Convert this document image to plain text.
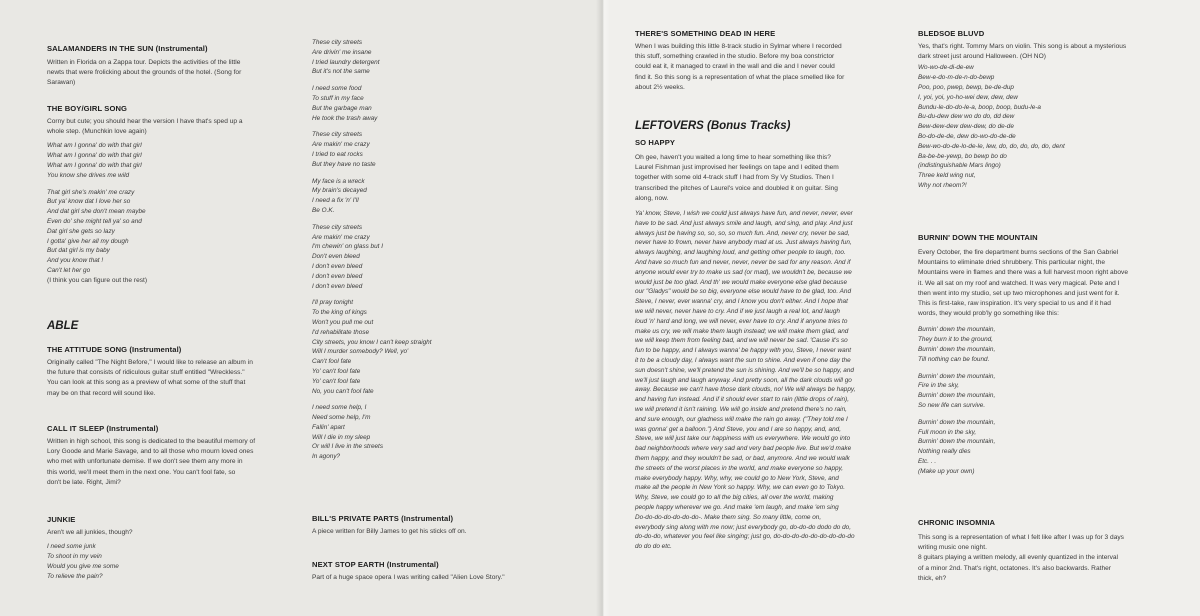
SALAMANDERS IN THE SUN (Instrumental)

Written in Florida on a Zappa tour. Depicts the activities of the little

newts that were frolicking about the grounds of the hotel. (Song for

Sarawan)

THE BOY/GIRL SONG

Corny but cute; you should hear the version I have that's sped up a

whole step. (Munchkin love again)

What am I gonna' do with that girl

What am I gonna' do with that girl

What am I gonna' do with that girl

You know she drives me wild

That girl she's makin' me crazy

But ya' know dat I love her so

And dat girl she don't mean maybe

Even do' she might tell ya' so and

Dat girl she gets so lazy

I gotta' give her all my dough

But dat girl is my baby

And you know that !

Can't let her go

(I think you can figure out the rest)

ABLE

THE ATTITUDE SONG (Instrumental)

Originally called "The Night Before," I would like to release an album in

the future that consists of ridiculous guitar stuff entitled "Wreckless."

You can look at this song as a preview of what some of the stuff that

may be on that record will sound like.

CALL IT SLEEP (Instrumental)

Written in high school, this song is dedicated to the beautiful memory of

Lory Goode and Marie Savage, and to all those who mourn loved ones

who met with unfortunate demise. If we don't see them any more in

this world, we'll meet them in the next one. You can't fool fate, so

don't be late. Right, Jimi?

JUNKIE

Aren't we all junkies, though?

I need some junk

To shoot in my vein

Would you give me some

To relieve the pain?

These city streets

Are drivin' me insane

I tried laundry detergent

But it's not the same

I need some food

To stuff in my face

But the garbage man

He took the trash away

These city streets

Are makin' me crazy

I tried to eat rocks

But they have no taste

My face is a wreck

My brain's decayed

I need a fix 'n' I'll

Be O.K.

These city streets

Are makin' me crazy

I'm chewin' on glass but I

Don't even bleed

I don't even bleed

I don't even bleed

I don't even bleed

I'll pray tonight

To the king of kings

Won't you pull me out

I'd rehabilitate those

City streets, you know I can't keep straight

Will I murder somebody? Well, yo'

Can't fool fate

Yo' can't fool fate

Yo' can't fool fate

No, you can't fool fate

I need some help, I

Need some help, I'm

Fallin' apart

Will I die in my sleep

Or will I live in the streets

In agony?

BILL'S PRIVATE PARTS (Instrumental)

A piece written for Billy James to get his sticks off on.

NEXT STOP EARTH (Instrumental)

Part of a huge space opera I was writing called "Alien Love Story."

THERE'S SOMETHING DEAD IN HERE

When I was building this little 8-track studio in Sylmar where I recorded

this stuff, something crawled in the studio. Before my boa constrictor

could eat it, it managed to crawl in the wall and die and I never could

find it. So this song is a representation of what the place smelled like for

about 2½ weeks.

LEFTOVERS (Bonus Tracks)

SO HAPPY

Oh gee, haven't you waited a long time to hear something like this?

Laurel Fishman just improvised her feelings on tape and I edited them

together with some old 4-track stuff I had from Sy Vy Studios. Then I

transcribed the pitches of Laurel's voice and doubled it on guitar. Sing

along, now.

Ya' know, Steve, I wish we could just always have fun, and never, never, ever

have to be sad. And just always smile and laugh, and sing, and play. And just

always just be having so, so, so, so much fun. And, never cry, never be sad,

never have to frown, never have anybody mad at us. Just always having fun,

always laughing, and laughing loud, and getting other people to laugh, too.

And have so much fun and never, never, never be sad for any reason. And if

anyone would ever try to make us sad (or mad), we wouldn't be, because we

would just be too glad. And th' we would make everyone else glad because

our "Gladys" would be so big, everyone else would have to be glad, too. And

Steve, I never, ever wanna' cry, and I know you don't either. And I hope that

we will never, never have to cry. And if we just laugh a real lot, and laugh

loud 'n' hard and long, we will never, ever have to cry. And if anyone tries to

make us cry, we will make them laugh instead; we will make them glad, and

we will keep them from feeling bad, and we will never be sad. 'Cause it's so

fun to be happy, and I always wanna' be happy with you, Steve, I never want

it to be a cloudy day, I always want the sun to shine. And even if one day the

sun doesn't shine, we'll pretend the sun is shining. And we'll be so happy, and

we'll just laugh and laugh anyway. And pretty soon, all the dark clouds will go

away. Because we can't have those dark clouds, no! We will always be happy,

and having fun instead. And if it should ever start to rain (little drops of rain),

we will pretend it isn't raining. We will go inside and pretend there's no rain,

and sure enough, our gladness will make the rain go away. ("They told me I

was gonna' get a balloon.") And Steve, you and I are so happy, and, and,

Steve, we will just take our happiness with us everywhere. We would go into

bad neighborhoods where very sad and very bad people live. But we'd make

them happy, and they wouldn't be sad, or bad, anymore. And we would walk

the streets of the worst places in the world, and make everyone so happy,

make everybody happy. Why, why, we could go to New York, Steve, and

make all the people in New York so happy. Why, we can even go to Tokyo.

Why, Steve, we could go to all the big cities, all over the world, making

people happy wherever we go. And make 'em laugh, and make 'em sing

Do-do-do-do-do-do-do-. Make them sing. So many little, come on,

everybody sing along with me now; just everybody go, do-do-do dodo do do,

do-do-do, whatever you feel like singing; just go, do-do-do-do-do-do-do-do-do

do do do etc.

BLEDSOE BLUVD

Yes, that's right. Tommy Mars on violin. This song is about a mysterious

dark street just around Halloween. (OH NO)

Wo-wo-de-di-de-ew

Bew-e-do-m-de-n-do-bewp

Poo, poo, pwep, bewp, be-de-dup

I, yoi, yoi, yo-ho-wei dew, dew, dew

Bundu-le-do-do-le-a, boop, boop, budu-le-a

Bu-du-dew dew wo do do, dd dew

Bew-dew-dew dew-dew, do de-de

Bo-do-de-de, dew do-wo-do-de-de

Bew-wo-do-de-lo-de-le, lew, do, do, do, do, do, dent

Ba-be-be-yewp, bo bewp bo do

(indistinguishable Mars lingo)

Three keld wing nut,

Why not rheom?!

BURNIN' DOWN THE MOUNTAIN

Every October, the fire department burns sections of the San Gabriel

Mountains to eliminate dried shrubbery. This particular night, the

Mountains were in flames and there was a full harvest moon right above

it. We all sat on my roof and watched. It was very magical. Pete and I

then went into my studio, set up two microphones and just went for it.

This is first-take, raw inspiration. It's very special to us and if it had

words, they would prob'ly go something like this:

Burnin' down the mountain,

They burn it to the ground,

Burnin' down the mountain,

Till nothing can be found.

Burnin' down the mountain,

Fire in the sky,

Burnin' down the mountain,

So new life can survive.

Burnin' down the mountain,

Full moon in the sky,

Burnin' down the mountain,

Nothing really dies

Etc. . .

(Make up your own)

CHRONIC INSOMNIA

This song is a representation of what I felt like after I was up for 3 days

writing music one night.

8 guitars playing a written melody, all evenly quantized in the interval

of a minor 2nd. That's right, octatones. It's also backwards. Rather

thick, eh?
